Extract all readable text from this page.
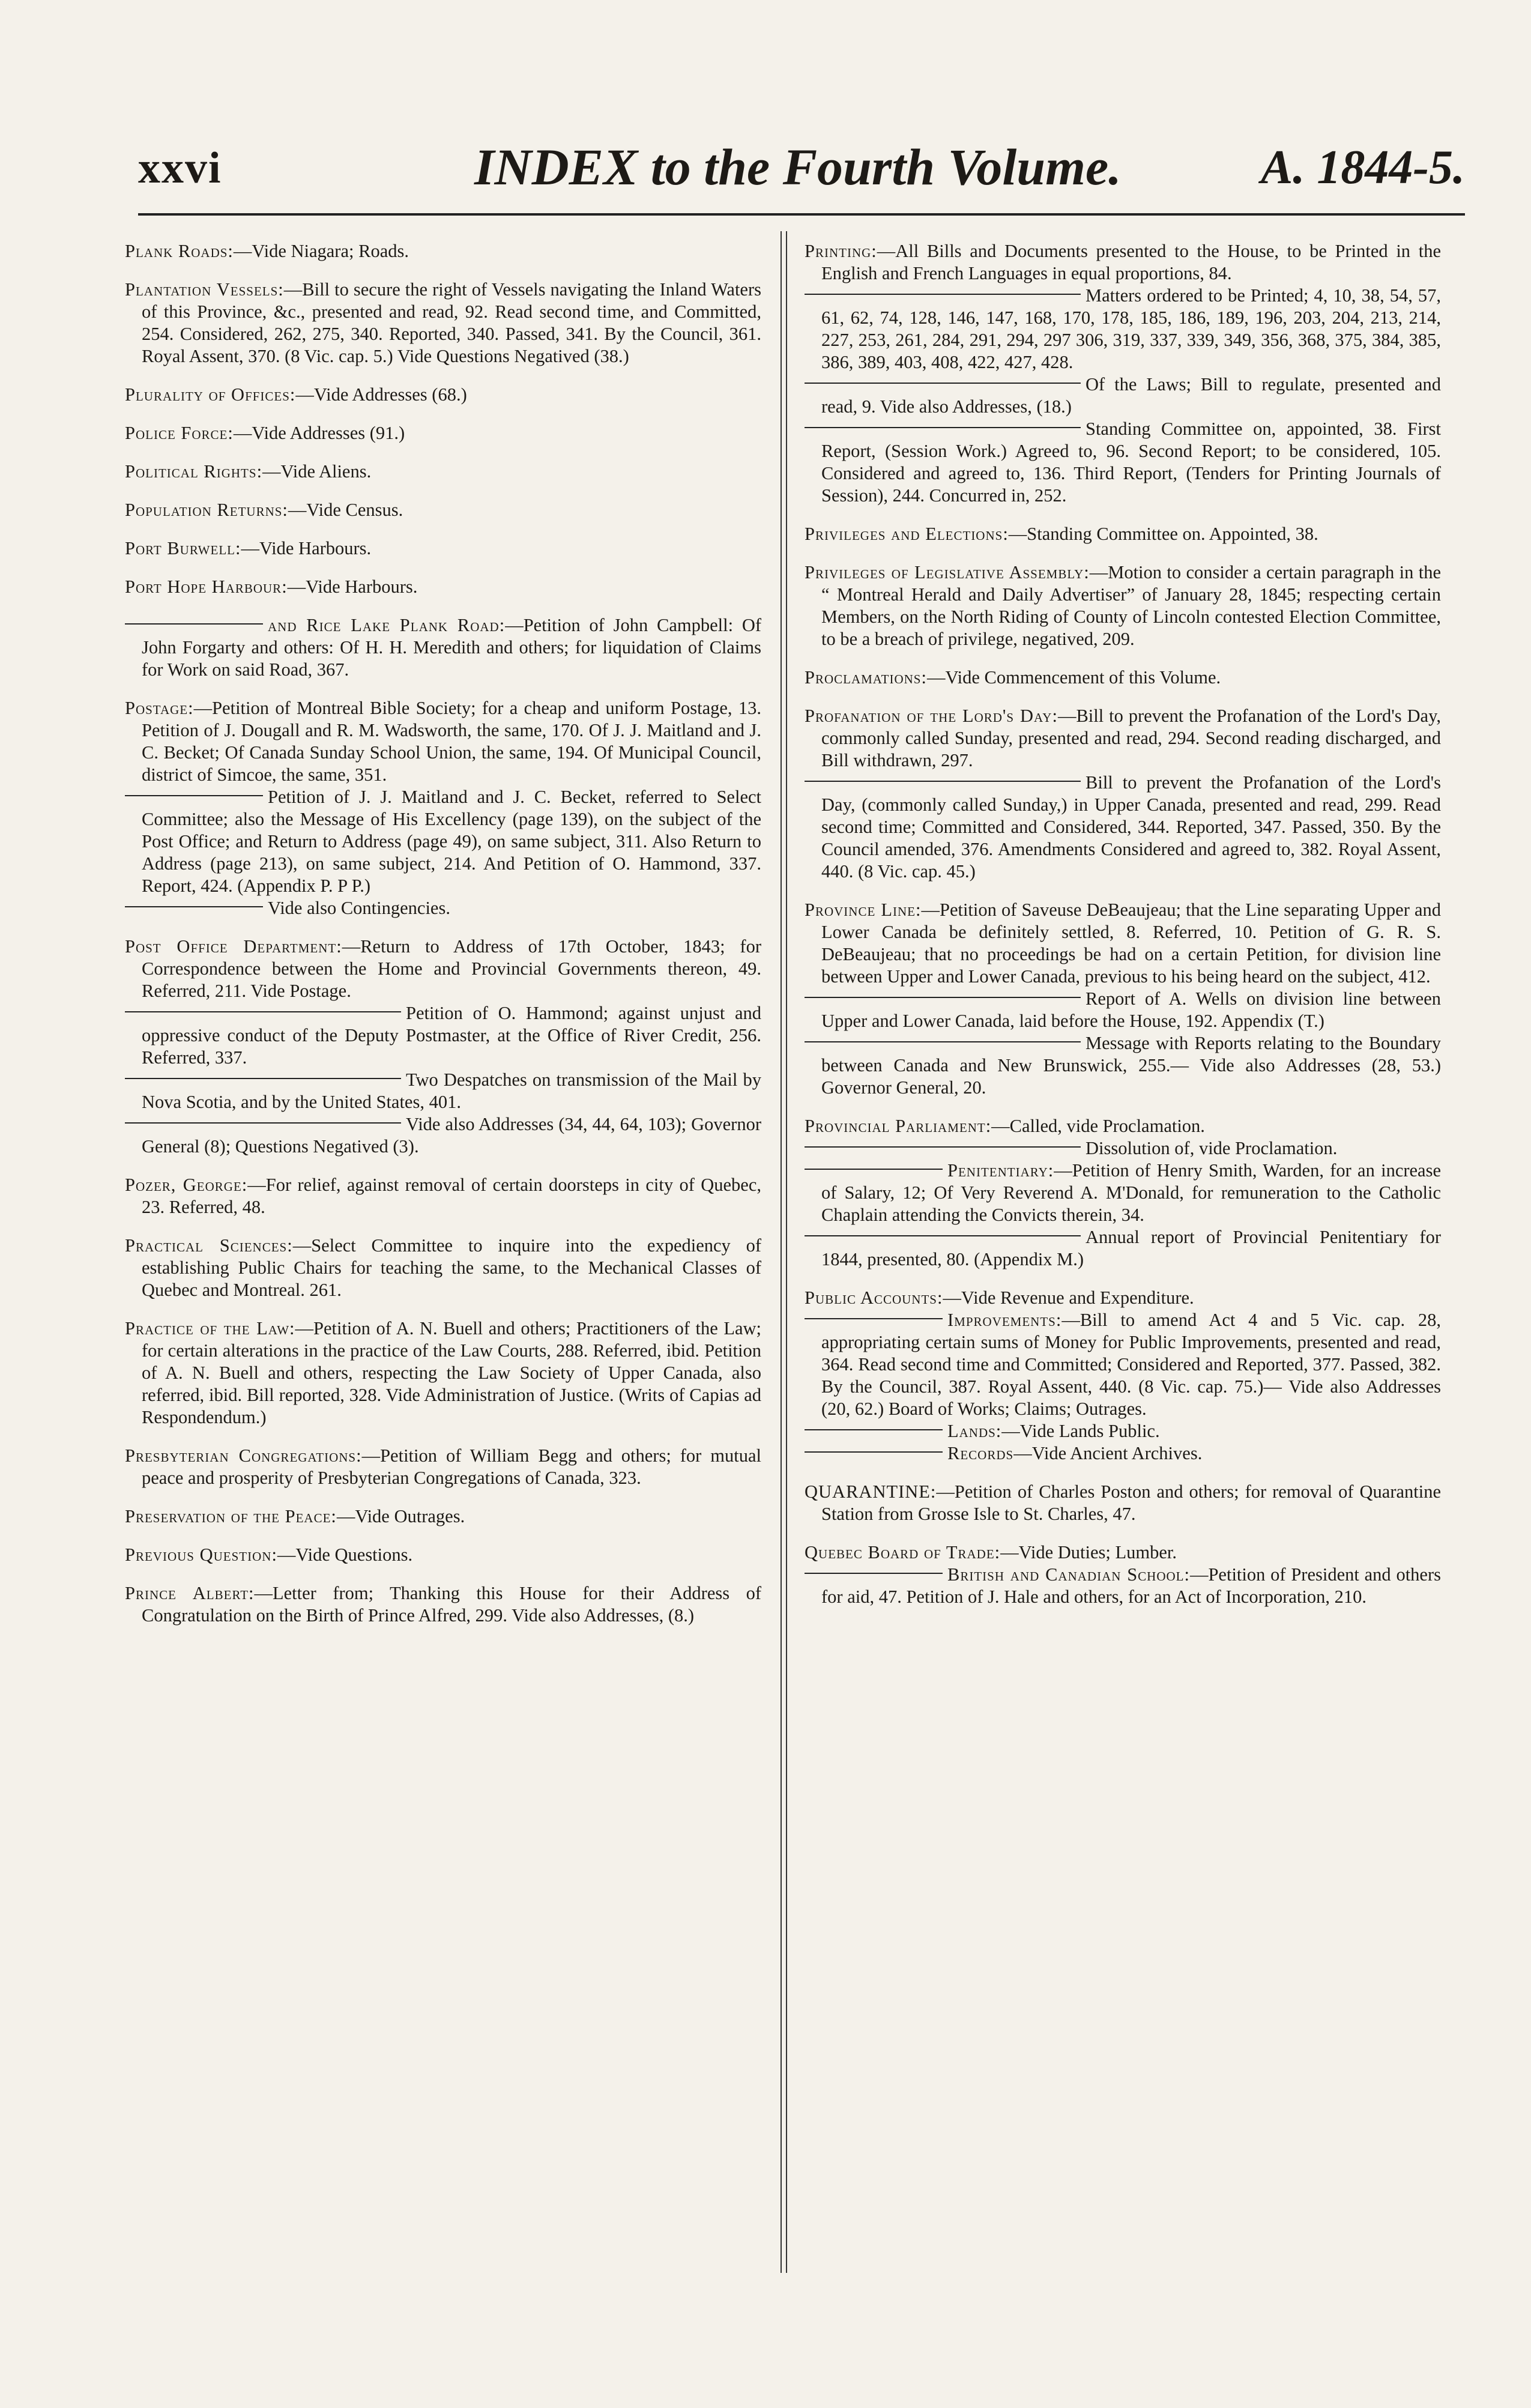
xxvi	INDEX to the Fourth Volume.	A. 1844-5.
Plank Roads:—Vide Niagara; Roads.
Plantation Vessels:—Bill to secure the right of Vessels navigating the Inland Waters of this Province, &c., presented and read, 92. Read second time, and Committed, 254. Considered, 262, 275, 340. Reported, 340. Passed, 341. By the Council, 361. Royal Assent, 370. (8 Vic. cap. 5.) Vide Questions Negatived (38.)
Plurality of Offices:—Vide Addresses (68.)
Police Force:—Vide Addresses (91.)
Political Rights:—Vide Aliens.
Population Returns:—Vide Census.
Port Burwell:—Vide Harbours.
Port Hope Harbour:—Vide Harbours.
and Rice Lake Plank Road:—Petition of John Campbell: Of John Forgarty and others: Of H. H. Meredith and others; for liquidation of Claims for Work on said Road, 367.
Postage:—Petition of Montreal Bible Society; for a cheap and uniform Postage, 13. Petition of J. Dougall and R. M. Wadsworth, the same, 170. Of J. J. Maitland and J. C. Becket; Of Canada Sunday School Union, the same, 194. Of Municipal Council, district of Simcoe, the same, 351.
Petition of J. J. Maitland and J. C. Becket, referred to Select Committee; also the Message of His Excellency (page 139), on the subject of the Post Office; and Return to Address (page 49), on same subject, 311. Also Return to Address (page 213), on same subject, 214. And Petition of O. Hammond, 337. Report, 424. (Appendix P. P P.)
Vide also Contingencies.
Post Office Department:—Return to Address of 17th October, 1843; for Correspondence between the Home and Provincial Governments thereon, 49. Referred, 211. Vide Postage.
Petition of O. Hammond; against unjust and oppressive conduct of the Deputy Postmaster, at the Office of River Credit, 256. Referred, 337.
Two Despatches on transmission of the Mail by Nova Scotia, and by the United States, 401.
Vide also Addresses (34, 44, 64, 103); Governor General (8); Questions Negatived (3).
Pozer, George:—For relief, against removal of certain doorsteps in city of Quebec, 23. Referred, 48.
Practical Sciences:—Select Committee to inquire into the expediency of establishing Public Chairs for teaching the same, to the Mechanical Classes of Quebec and Montreal. 261.
Practice of the Law:—Petition of A. N. Buell and others; Practitioners of the Law; for certain alterations in the practice of the Law Courts, 288. Referred, ibid. Petition of A. N. Buell and others, respecting the Law Society of Upper Canada, also referred, ibid. Bill reported, 328. Vide Administration of Justice. (Writs of Capias ad Respondendum.)
Presbyterian Congregations:—Petition of William Begg and others; for mutual peace and prosperity of Presbyterian Congregations of Canada, 323.
Preservation of the Peace:—Vide Outrages.
Previous Question:—Vide Questions.
Prince Albert:—Letter from; Thanking this House for their Address of Congratulation on the Birth of Prince Alfred, 299. Vide also Addresses, (8.)
Printing:—All Bills and Documents presented to the House, to be Printed in the English and French Languages in equal proportions, 84.
Matters ordered to be Printed; 4, 10, 38, 54, 57, 61, 62, 74, 128, 146, 147, 168, 170, 178, 185, 186, 189, 196, 203, 204, 213, 214, 227, 253, 261, 284, 291, 294, 297 306, 319, 337, 339, 349, 356, 368, 375, 384, 385, 386, 389, 403, 408, 422, 427, 428.
Of the Laws; Bill to regulate, presented and read, 9. Vide also Addresses, (18.)
Standing Committee on, appointed, 38. First Report, (Session Work.) Agreed to, 96. Second Report; to be considered, 105. Considered and agreed to, 136. Third Report, (Tenders for Printing Journals of Session), 244. Concurred in, 252.
Privileges and Elections:—Standing Committee on. Appointed, 38.
Privileges of Legislative Assembly:—Motion to consider a certain paragraph in the “ Montreal Herald and Daily Advertiser” of January 28, 1845; respecting certain Members, on the North Riding of County of Lincoln contested Election Committee, to be a breach of privilege, negatived, 209.
Proclamations:—Vide Commencement of this Volume.
Profanation of the Lord's Day:—Bill to prevent the Profanation of the Lord's Day, commonly called Sunday, presented and read, 294. Second reading discharged, and Bill withdrawn, 297.
Bill to prevent the Profanation of the Lord's Day, (commonly called Sunday,) in Upper Canada, presented and read, 299. Read second time; Committed and Considered, 344. Reported, 347. Passed, 350. By the Council amended, 376. Amendments Considered and agreed to, 382. Royal Assent, 440. (8 Vic. cap. 45.)
Province Line:—Petition of Saveuse DeBeaujeau; that the Line separating Upper and Lower Canada be definitely settled, 8. Referred, 10. Petition of G. R. S. DeBeaujeau; that no proceedings be had on a certain Petition, for division line between Upper and Lower Canada, previous to his being heard on the subject, 412.
Report of A. Wells on division line between Upper and Lower Canada, laid before the House, 192. Appendix (T.)
Message with Reports relating to the Boundary between Canada and New Brunswick, 255.— Vide also Addresses (28, 53.) Governor General, 20.
Provincial Parliament:—Called, vide Proclamation.
Dissolution of, vide Proclamation.
Penitentiary:—Petition of Henry Smith, Warden, for an increase of Salary, 12; Of Very Reverend A. M'Donald, for remuneration to the Catholic Chaplain attending the Convicts therein, 34.
Annual report of Provincial Penitentiary for 1844, presented, 80. (Appendix M.)
Public Accounts:—Vide Revenue and Expenditure.
Improvements:—Bill to amend Act 4 and 5 Vic. cap. 28, appropriating certain sums of Money for Public Improvements, presented and read, 364. Read second time and Committed; Considered and Reported, 377. Passed, 382. By the Council, 387. Royal Assent, 440. (8 Vic. cap. 75.)— Vide also Addresses (20, 62.) Board of Works; Claims; Outrages.
Lands:—Vide Lands Public.
Records—Vide Ancient Archives.
QUARANTINE:—Petition of Charles Poston and others; for removal of Quarantine Station from Grosse Isle to St. Charles, 47.
Quebec Board of Trade:—Vide Duties; Lumber.
British and Canadian School:—Petition of President and others for aid, 47. Petition of J. Hale and others, for an Act of Incorporation, 210.
